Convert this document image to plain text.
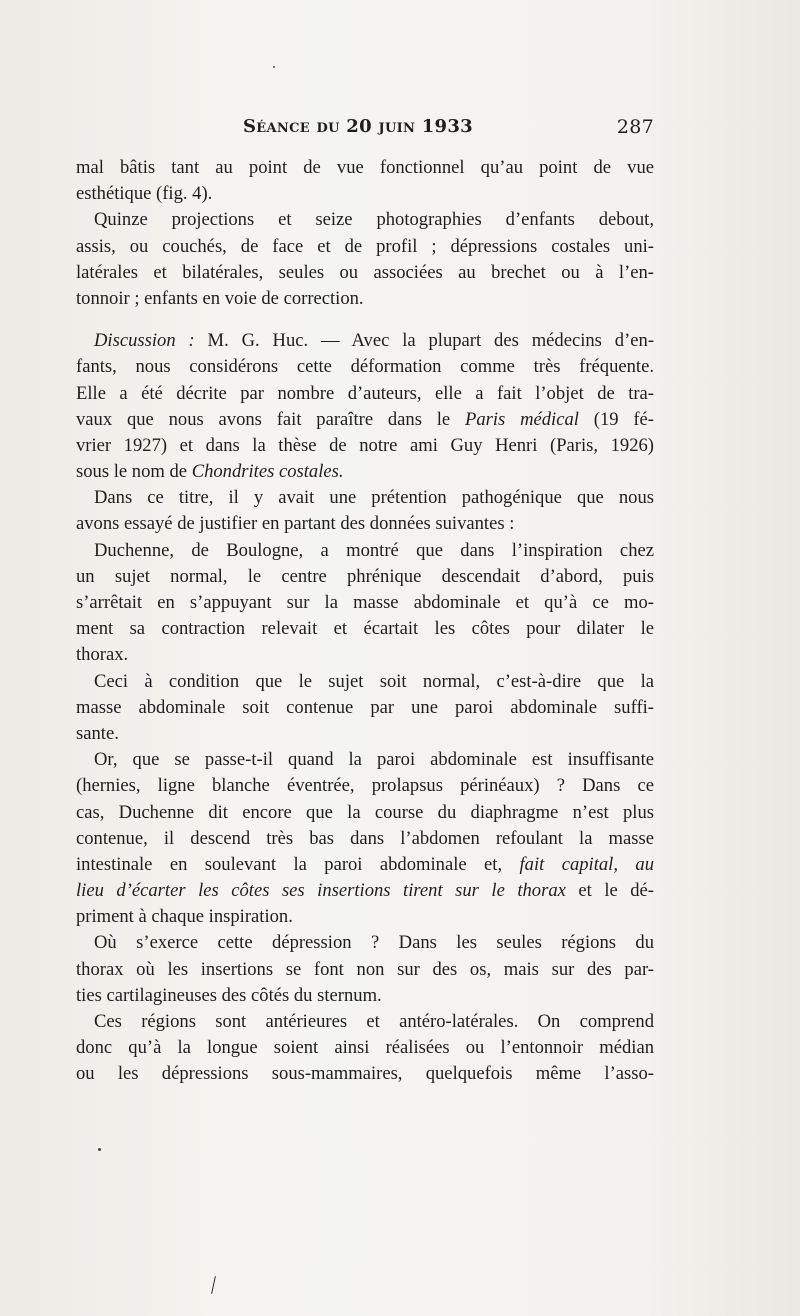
Séance du 20 juin 1933	287
mal bâtis tant au point de vue fonctionnel qu’au point de vue
esthétique (fig. 4).
Quinze projections et seize photographies d’enfants debout,
assis, ou couchés, de face et de profil ; dépressions costales uni-
latérales et bilatérales, seules ou associées au brechet ou à l’en-
tonnoir ; enfants en voie de correction.
Discussion : M. G. Huc. — Avec la plupart des médecins d’en-
fants, nous considérons cette déformation comme très fréquente.
Elle a été décrite par nombre d’auteurs, elle a fait l’objet de tra-
vaux que nous avons fait paraître dans le Paris médical (19 fé-
vrier 1927) et dans la thèse de notre ami Guy Henri (Paris, 1926)
sous le nom de Chondrites costales.
Dans ce titre, il y avait une prétention pathogénique que nous
avons essayé de justifier en partant des données suivantes :
Duchenne, de Boulogne, a montré que dans l’inspiration chez
un sujet normal, le centre phrénique descendait d’abord, puis
s’arrêtait en s’appuyant sur la masse abdominale et qu’à ce mo-
ment sa contraction relevait et écartait les côtes pour dilater le
thorax.
Ceci à condition que le sujet soit normal, c’est-à-dire que la
masse abdominale soit contenue par une paroi abdominale suffi-
sante.
Or, que se passe-t-il quand la paroi abdominale est insuffisante
(hernies, ligne blanche éventrée, prolapsus périnéaux) ? Dans ce
cas, Duchenne dit encore que la course du diaphragme n’est plus
contenue, il descend très bas dans l’abdomen refoulant la masse
intestinale en soulevant la paroi abdominale et, fait capital, au
lieu d’écarter les côtes ses insertions tirent sur le thorax et le dé-
priment à chaque inspiration.
Où s’exerce cette dépression ? Dans les seules régions du
thorax où les insertions se font non sur des os, mais sur des par-
ties cartilagineuses des côtés du sternum.
Ces régions sont antérieures et antéro-latérales. On comprend
donc qu’à la longue soient ainsi réalisées ou l’entonnoir médian
ou les dépressions sous-mammaires, quelquefois même l’asso-
